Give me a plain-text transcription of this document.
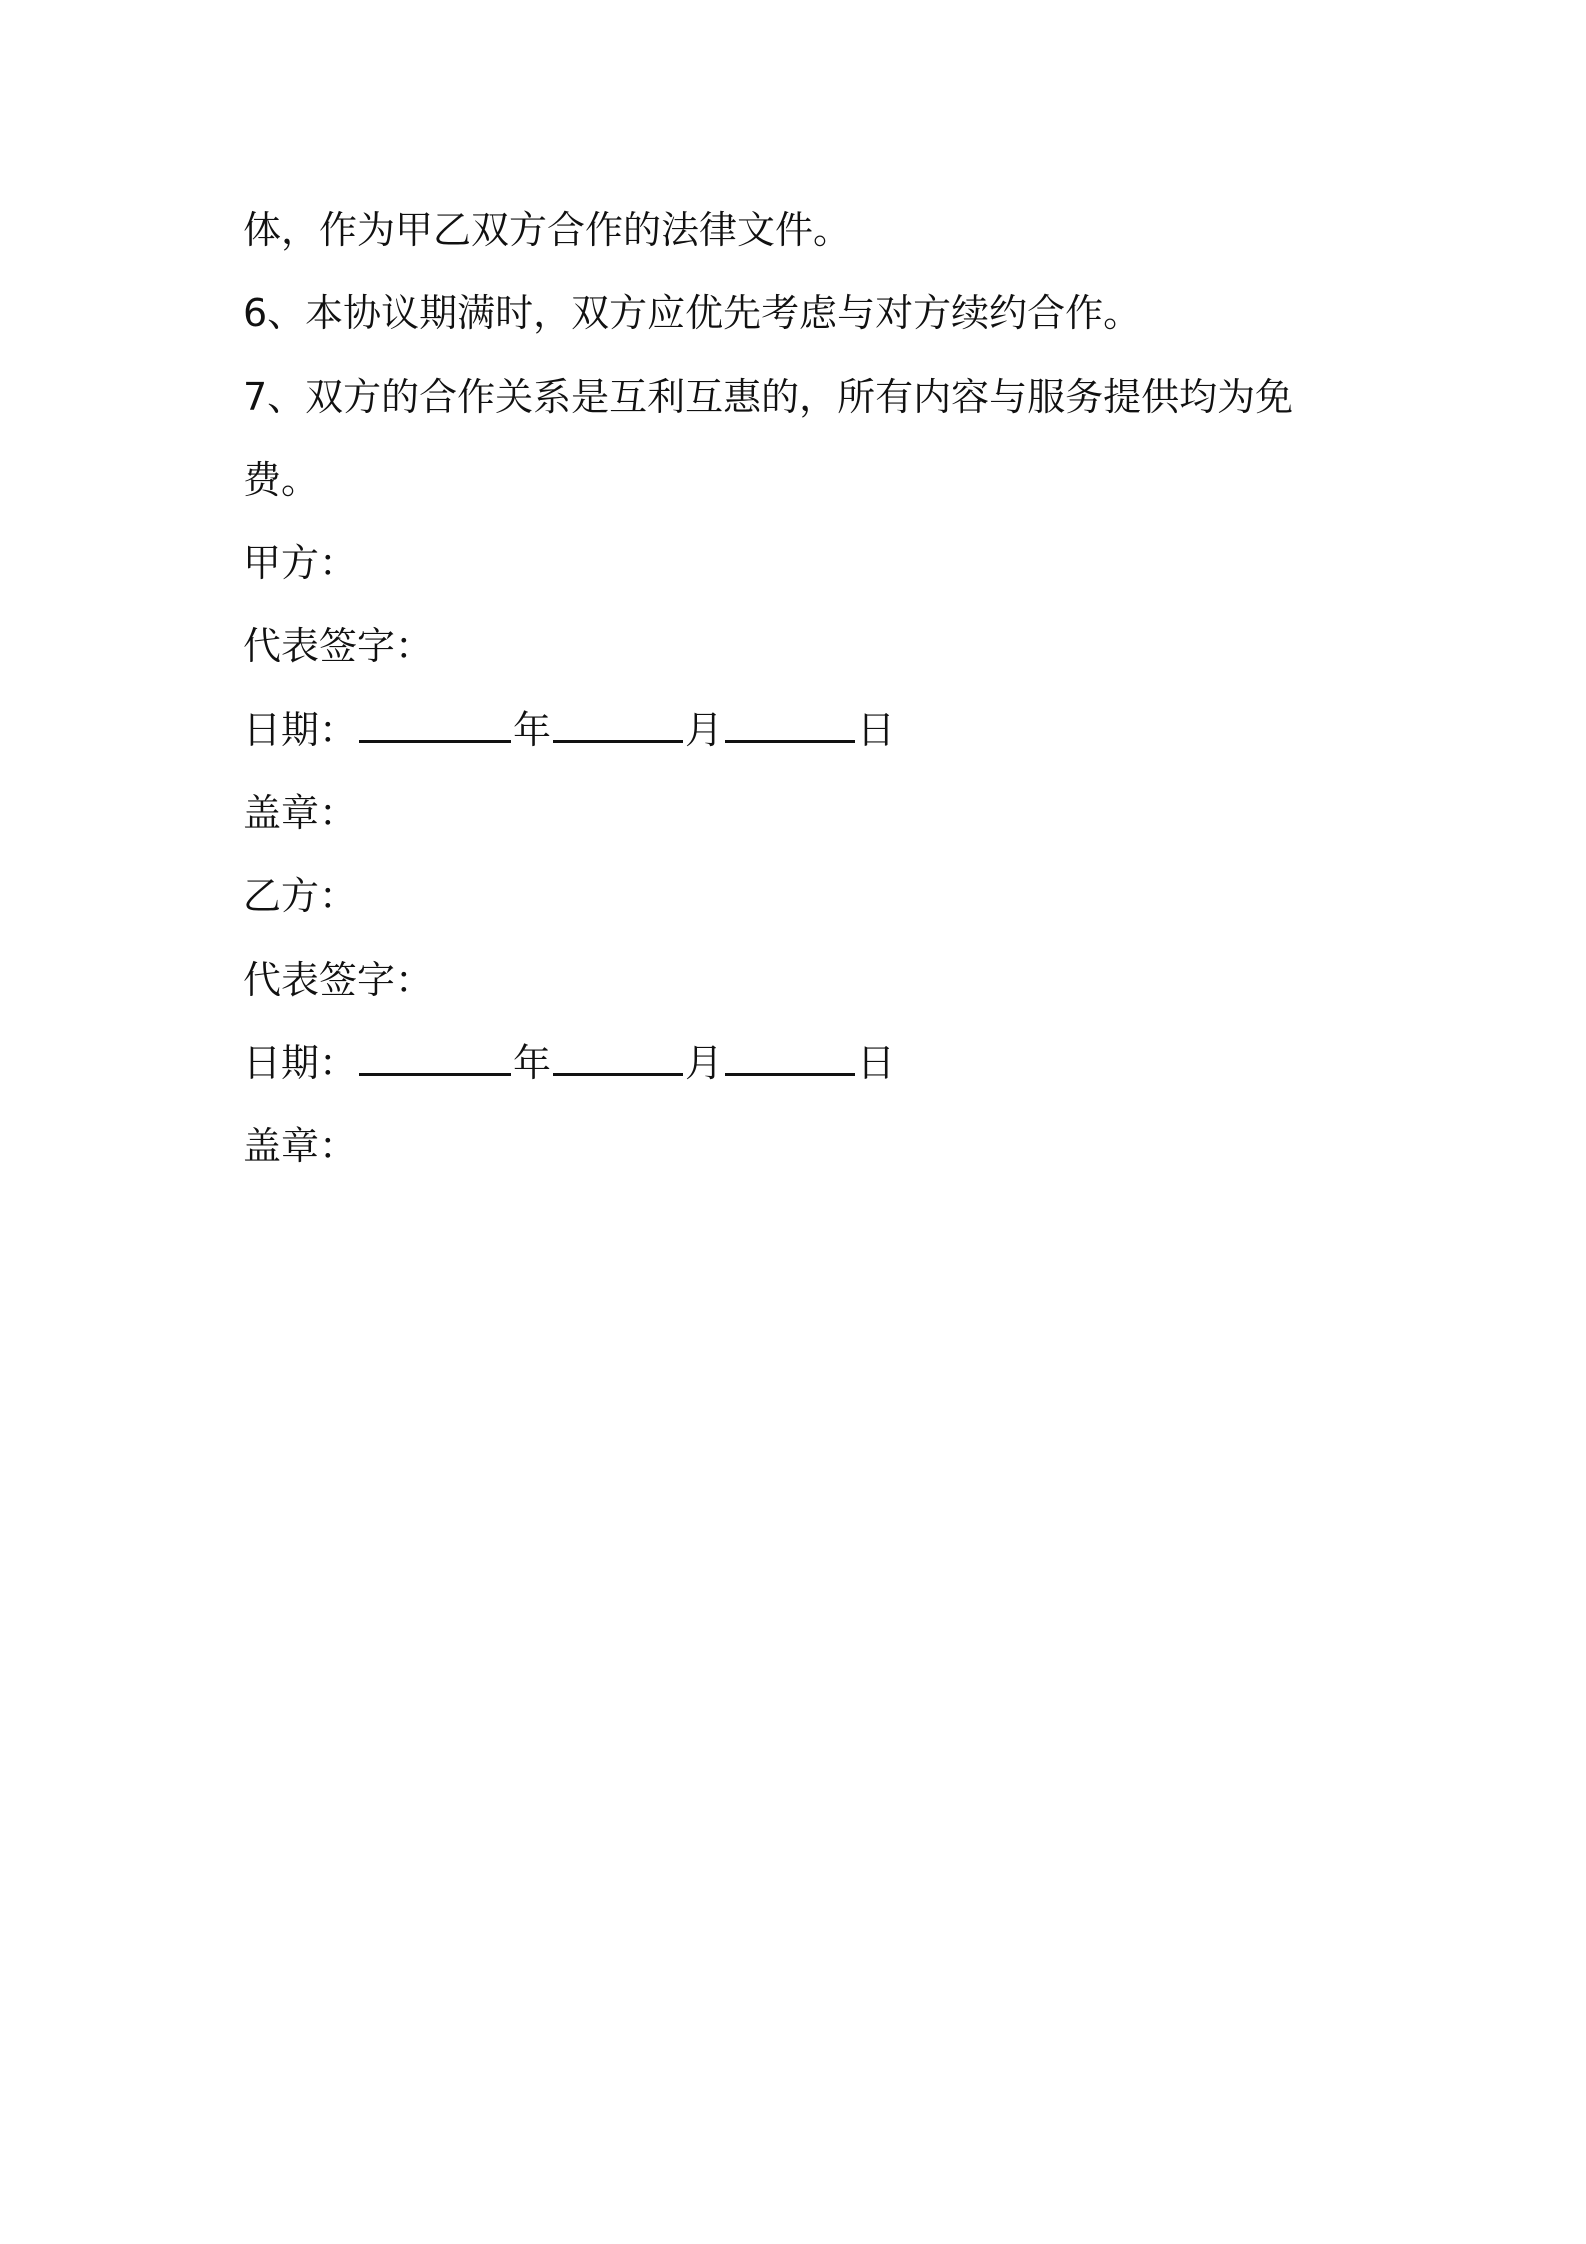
体，作为甲乙双方合作的法律文件。
6、本协议期满时，双方应优先考虑与对方续约合作。
7、双方的合作关系是互利互惠的，所有内容与服务提供均为免
费。
甲方：
代表签字：
日期：	年	月	日
盖章：
乙方：
代表签字：
日期：	年	月	日
盖章：
